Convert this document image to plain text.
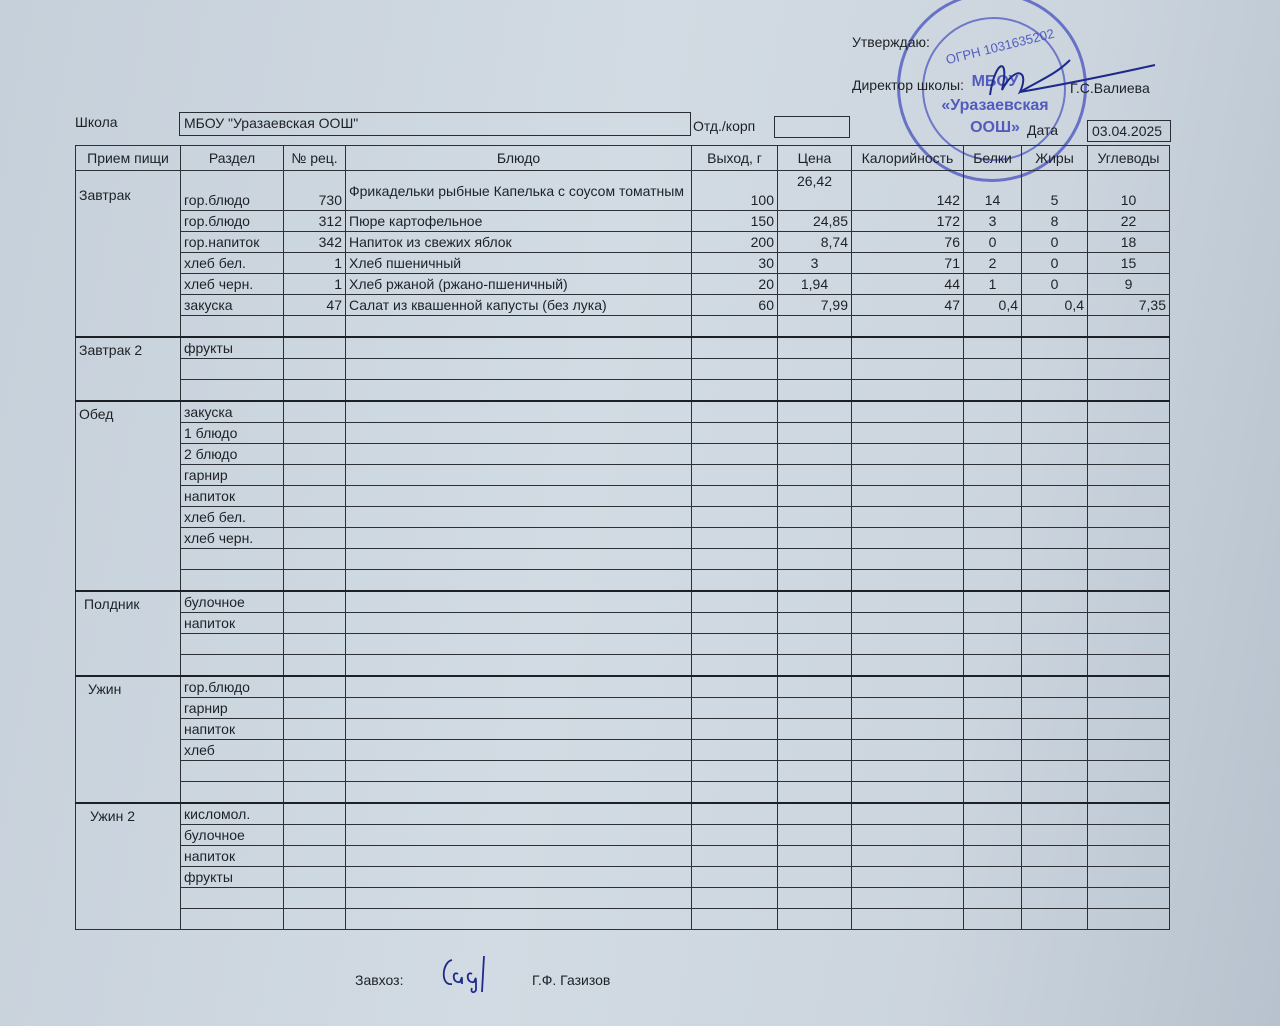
ОГРН 1031635202
МБОУ
«Уразаевская
ООШ»
Утверждаю:
Директор школы:	Г.С.Валиева
Школа	МБОУ "Уразаевская ООШ"	Отд./корп	Дата	03.04.2025
Прием пищи	Раздел	№ рец.	Блюдо	Выход, г	Цена	Калорийность	Белки	Жиры	Углеводы
Завтрак	гор.блюдо	730	Фрикадельки рыбные Капелька с соусом томатным	100	26,42	142	14	5	10
	гор.блюдо	312	Пюре картофельное	150	24,85	172	3	8	22
	гор.напиток	342	Напиток из свежих яблок	200	8,74	76	0	0	18
	хлеб бел.	1	Хлеб пшеничный	30	3	71	2	0	15
	хлеб черн.	1	Хлеб ржаной (ржано-пшеничный)	20	1,94	44	1	0	9
	закуска	47	Салат из квашенной капусты (без лука)	60	7,99	47	0,4	0,4	7,35

Завтрак 2	фрукты								

Обед	закуска								
	1 блюдо								
	2 блюдо								
	гарнир								
	напиток								
	хлеб бел.								
	хлеб черн.								

Полдник	булочное								
	напиток								

Ужин	гор.блюдо								
	гарнир								
	напиток								
	хлеб								

Ужин 2	кисломол.								
	булочное								
	напиток								
	фрукты								

Завхоз:	Г.Ф. Газизов
